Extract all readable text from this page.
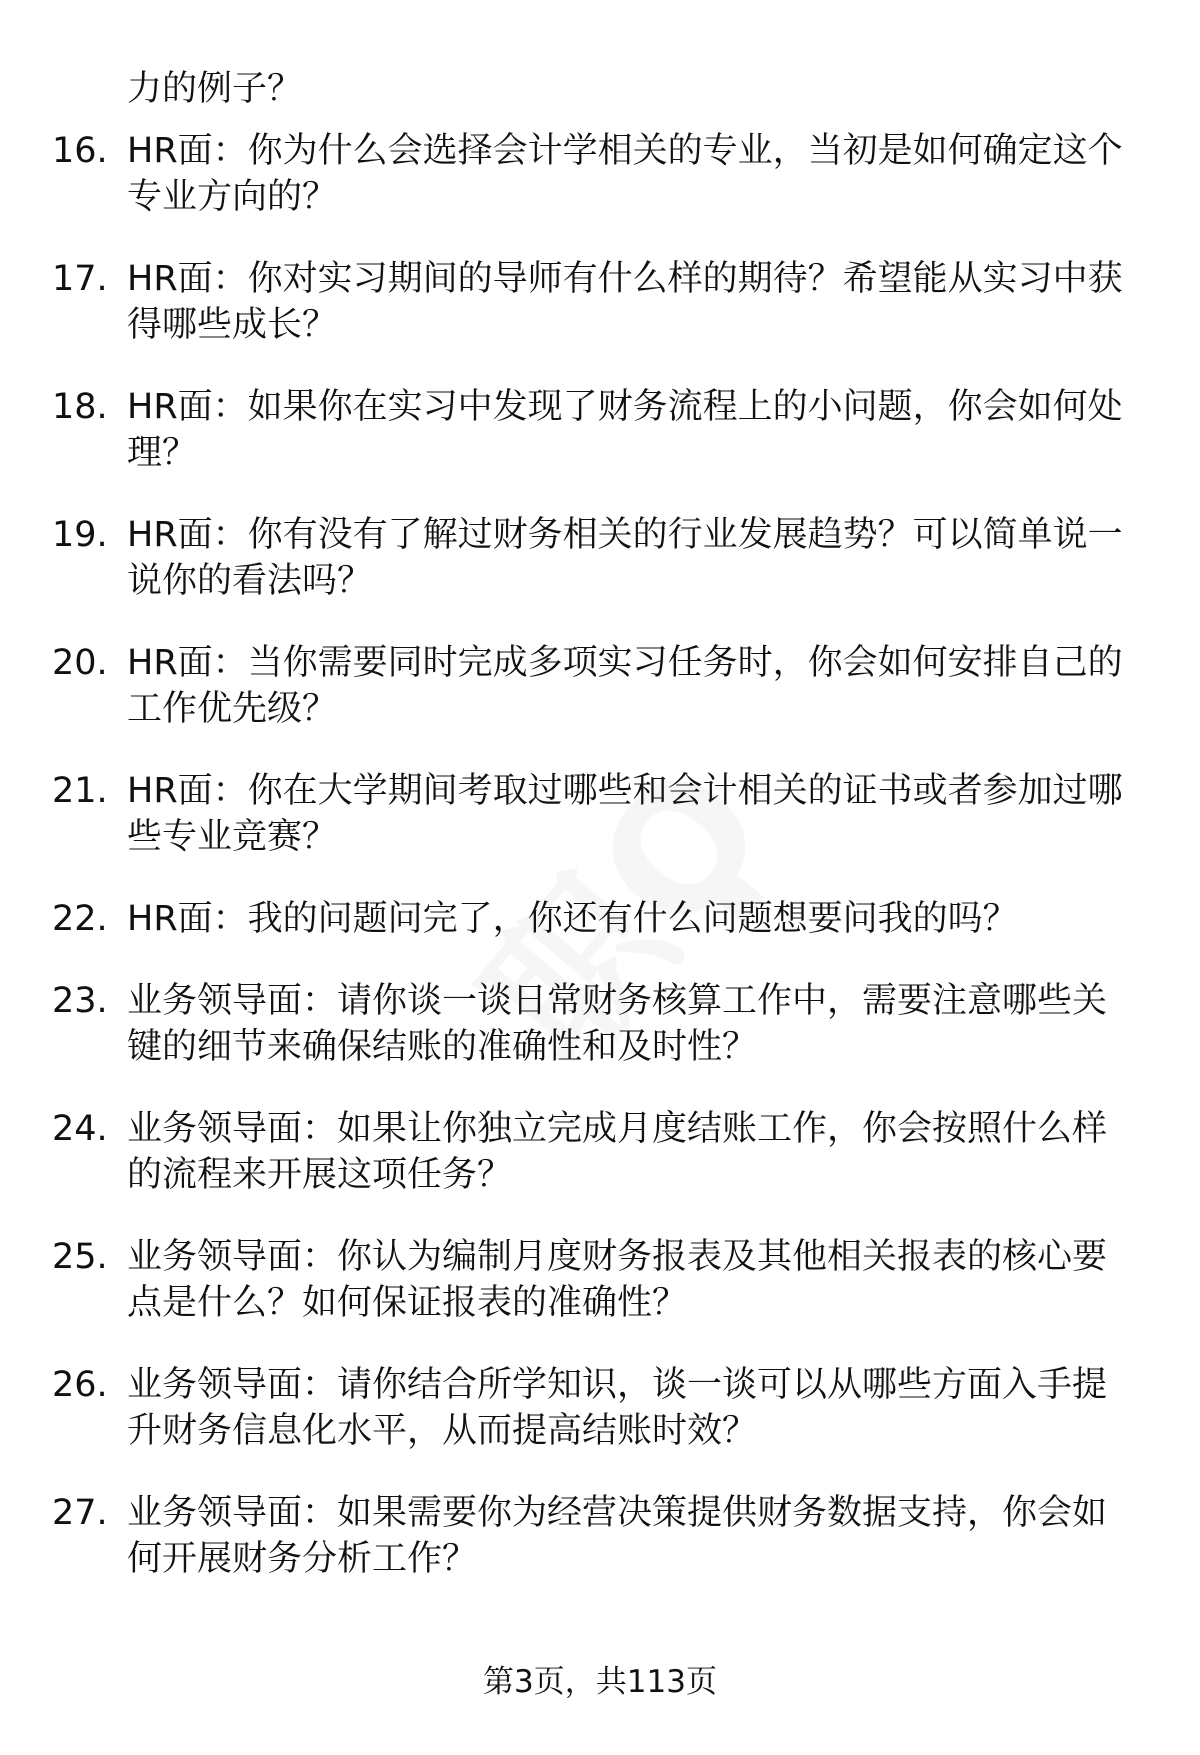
力的例子？
16. HR面：你为什么会选择会计学相关的专业，当初是如何确定这个
专业方向的？
17. HR面：你对实习期间的导师有什么样的期待？希望能从实习中获
得哪些成长？
18. HR面：如果你在实习中发现了财务流程上的小问题，你会如何处
理？
19. HR面：你有没有了解过财务相关的行业发展趋势？可以简单说一
说你的看法吗？
20. HR面：当你需要同时完成多项实习任务时，你会如何安排自己的
工作优先级？
21. HR面：你在大学期间考取过哪些和会计相关的证书或者参加过哪
些专业竞赛？
22. HR面：我的问题问完了，你还有什么问题想要问我的吗？
23. 业务领导面：请你谈一谈日常财务核算工作中，需要注意哪些关
键的细节来确保结账的准确性和及时性？
24. 业务领导面：如果让你独立完成月度结账工作，你会按照什么样
的流程来开展这项任务？
25. 业务领导面：你认为编制月度财务报表及其他相关报表的核心要
点是什么？如何保证报表的准确性？
26. 业务领导面：请你结合所学知识，谈一谈可以从哪些方面入手提
升财务信息化水平，从而提高结账时效？
27. 业务领导面：如果需要你为经营决策提供财务数据支持，你会如
何开展财务分析工作？
第3页，共113页
